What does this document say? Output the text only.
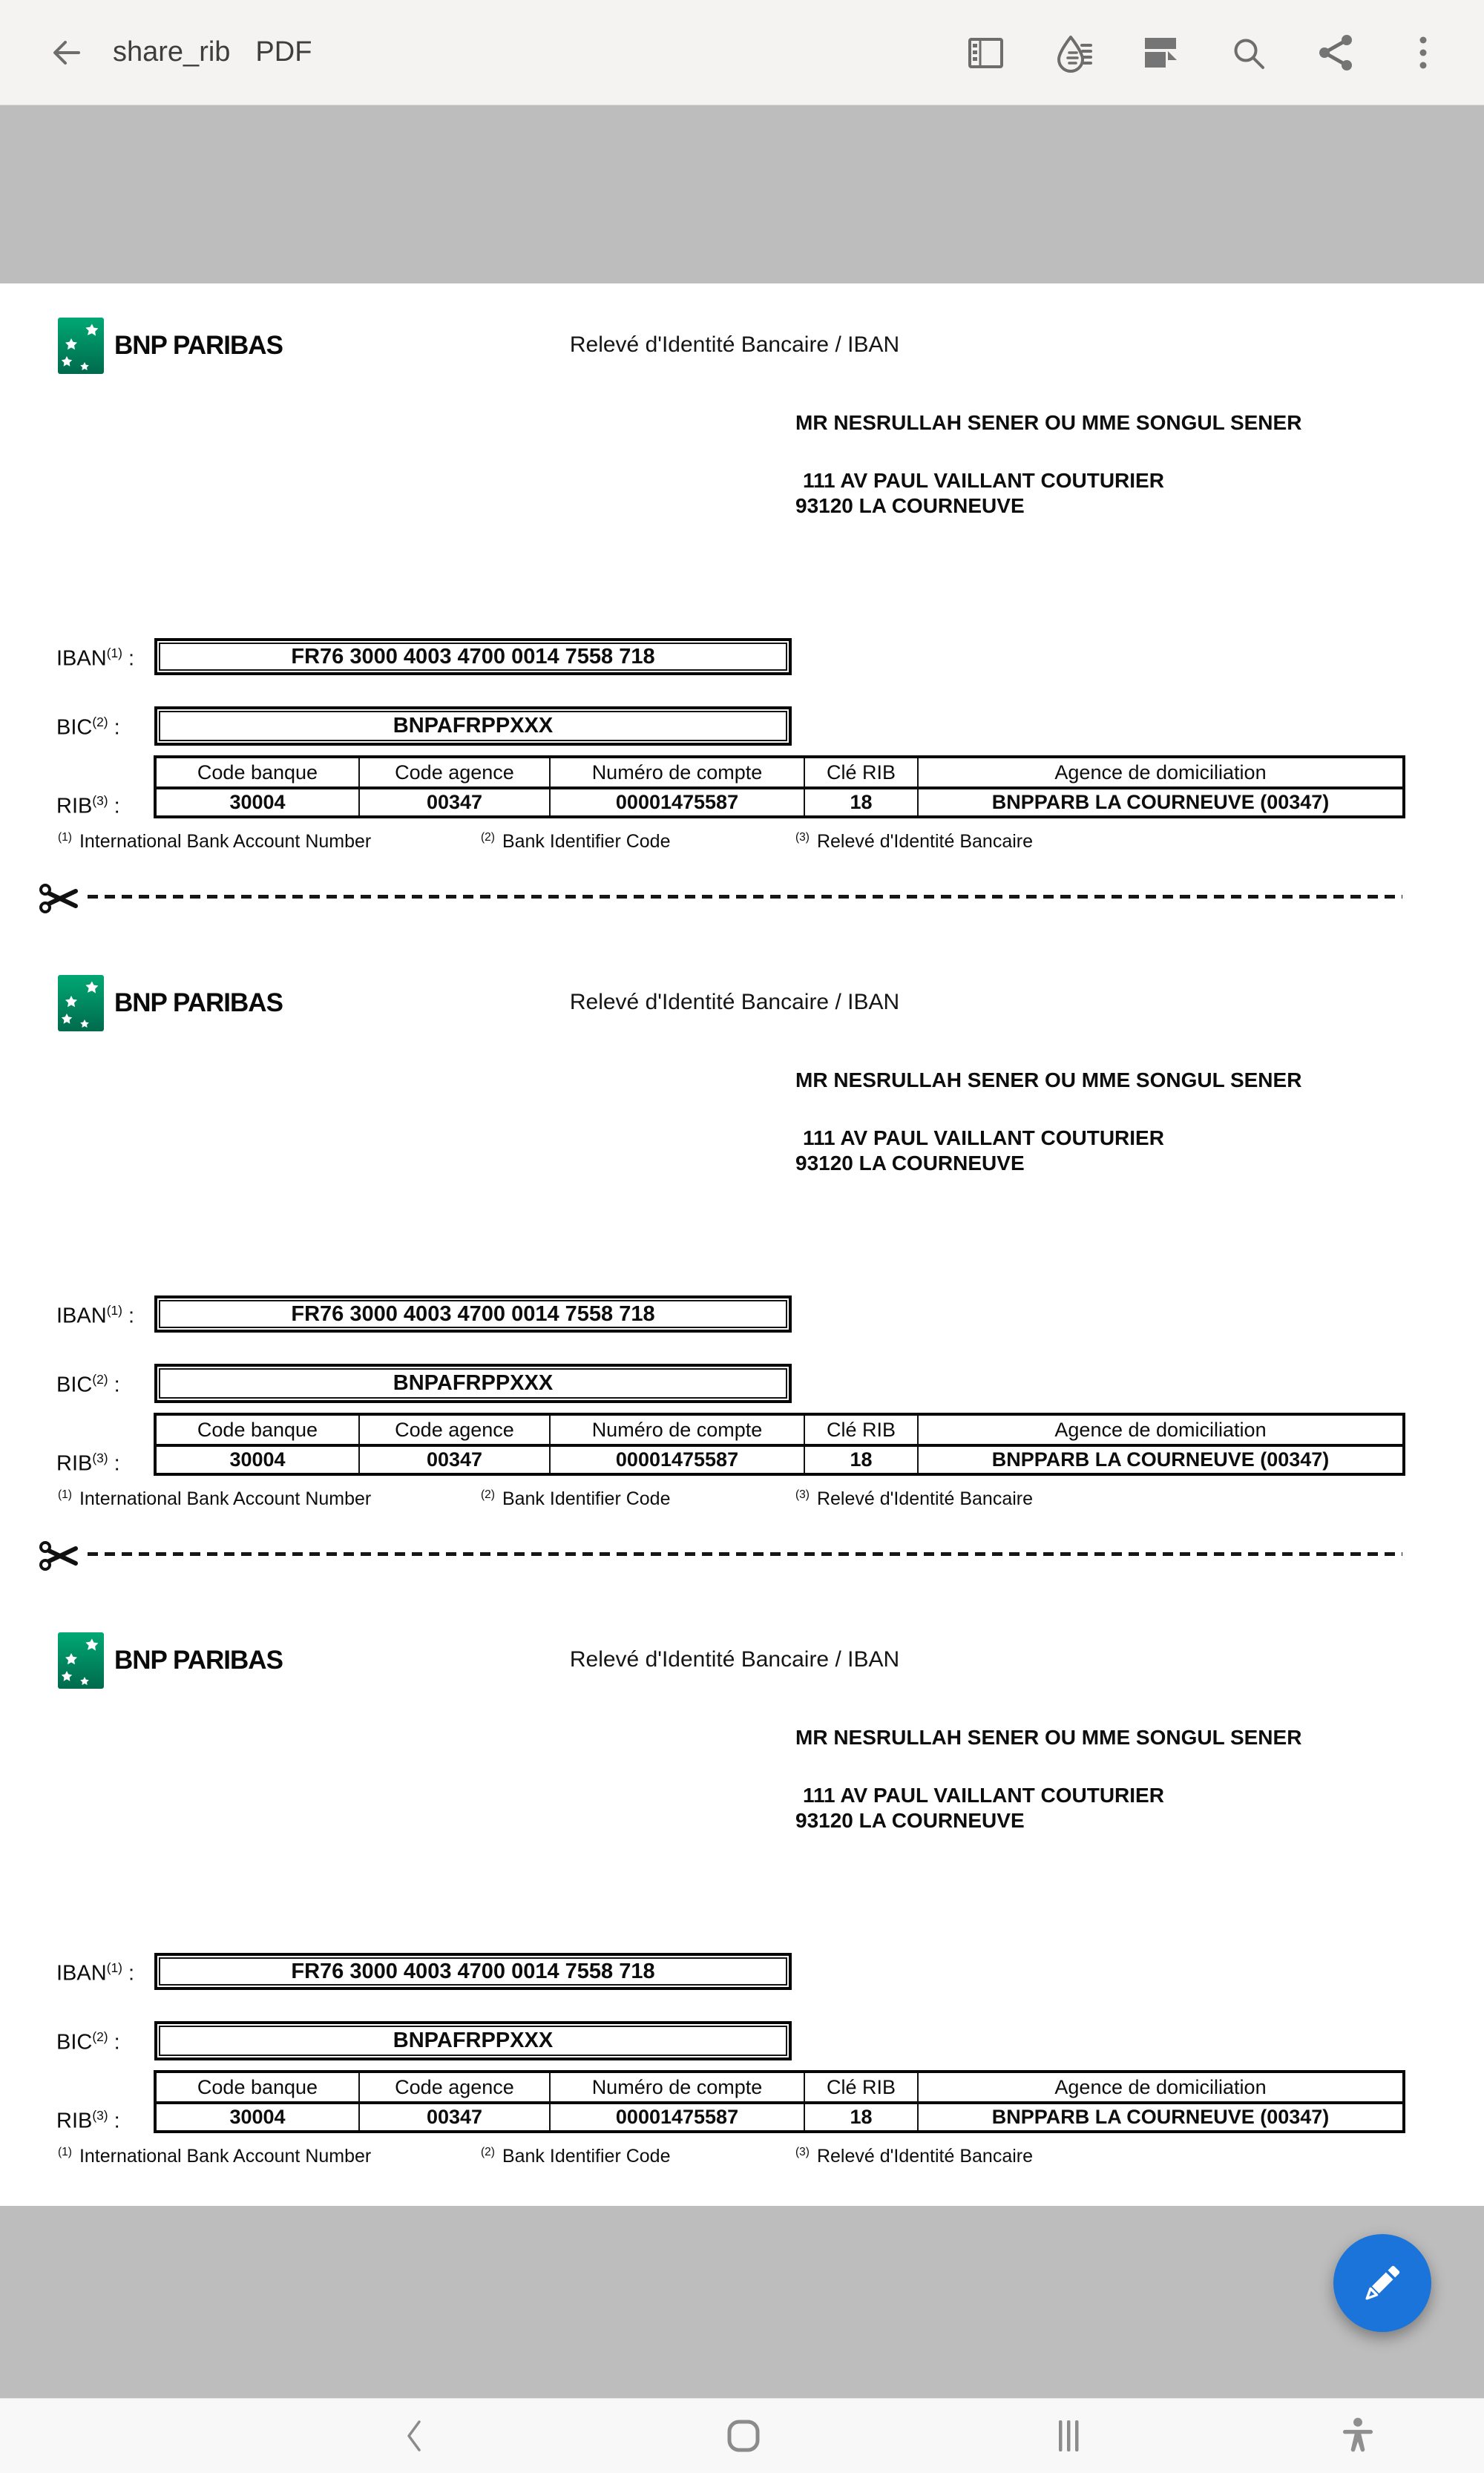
share_rib PDF
BNP PARIBAS	Relevé d'Identité Bancaire / IBAN
MR NESRULLAH SENER OU MME SONGUL SENER
111 AV PAUL VAILLANT COUTURIER
93120 LA COURNEUVE
IBAN$^{(1)}$ :	FR76 3000 4003 4700 0014 7558 718
BIC$^{(2)}$ :	BNPAFRPPXXX
RIB$^{(3)}$ :
Code banque	Code agence	Numéro de compte	Clé RIB	Agence de domiciliation
30004	00347	00001475587	18	BNPPARB LA COURNEUVE (00347)
$^{(1)}$ International Bank Account Number	$^{(2)}$ Bank Identifier Code	$^{(3)}$ Relevé d'Identité Bancaire
BNP PARIBAS	Relevé d'Identité Bancaire / IBAN
MR NESRULLAH SENER OU MME SONGUL SENER
111 AV PAUL VAILLANT COUTURIER
93120 LA COURNEUVE
IBAN$^{(1)}$ :	FR76 3000 4003 4700 0014 7558 718
BIC$^{(2)}$ :	BNPAFRPPXXX
RIB$^{(3)}$ :
Code banque	Code agence	Numéro de compte	Clé RIB	Agence de domiciliation
30004	00347	00001475587	18	BNPPARB LA COURNEUVE (00347)
$^{(1)}$ International Bank Account Number	$^{(2)}$ Bank Identifier Code	$^{(3)}$ Relevé d'Identité Bancaire
BNP PARIBAS	Relevé d'Identité Bancaire / IBAN
MR NESRULLAH SENER OU MME SONGUL SENER
111 AV PAUL VAILLANT COUTURIER
93120 LA COURNEUVE
IBAN$^{(1)}$ :	FR76 3000 4003 4700 0014 7558 718
BIC$^{(2)}$ :	BNPAFRPPXXX
RIB$^{(3)}$ :
Code banque	Code agence	Numéro de compte	Clé RIB	Agence de domiciliation
30004	00347	00001475587	18	BNPPARB LA COURNEUVE (00347)
$^{(1)}$ International Bank Account Number	$^{(2)}$ Bank Identifier Code	$^{(3)}$ Relevé d'Identité Bancaire
